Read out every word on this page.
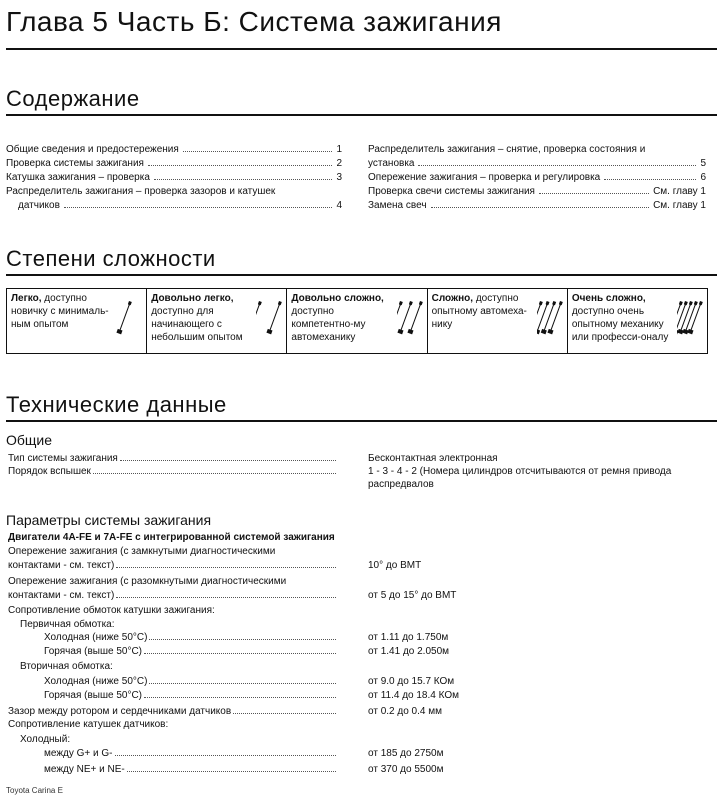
Глава 5 Часть Б: Система зажигания
Содержание
Общие сведения и предостережения	1
Проверка системы зажигания	2
Катушка зажигания – проверка	3
Распределитель зажигания – проверка зазоров и катушек
датчиков	4
Распределитель зажигания – снятие, проверка состояния и
установка	5
Опережение зажигания – проверка и регулировка	6
Проверка свечи системы зажигания	См. главу 1
Замена свеч	См. главу 1
Степени сложности
Легко, доступно новичку с минималь-ным опытом
Довольно легко, доступно для начинающего с небольшим опытом
Довольно сложно, доступно компетентно-му автомеханику
Сложно, доступно опытному автомеха-нику
Очень сложно, доступно очень опытному механику или професси-оналу
Технические данные
Общие
Тип системы зажигания	Бесконтактная электронная
Порядок вспышек	1 - 3 - 4 - 2 (Номера цилиндров отсчитываются от ремня привода
распредвалов
Параметры системы зажигания
Двигатели 4A-FE и 7A-FE с интегрированной системой зажигания
Опережение зажигания (с замкнутыми диагностическими
контактами - см. текст)	10° до ВМТ
Опережение зажигания (с разомкнутыми диагностическими
контактами - см. текст)	от 5 до 15° до ВМТ
Сопротивление обмоток катушки зажигания:
Первичная обмотка:
Холодная (ниже 50°C)	от 1.11 до 1.750м
Горячая (выше 50°C)	от 1.41 до 2.050м
Вторичная обмотка:
Холодная (ниже 50°C)	от 9.0 до 15.7 КОм
Горячая (выше 50°C)	от 11.4 до 18.4 КОм
Зазор между ротором и сердечниками датчиков	от 0.2 до 0.4 мм
Сопротивление катушек датчиков:
Холодный:
между G+ и G-	от 185 до 2750м
между NE+ и NE-	от 370 до 5500м
Toyota Carina E
